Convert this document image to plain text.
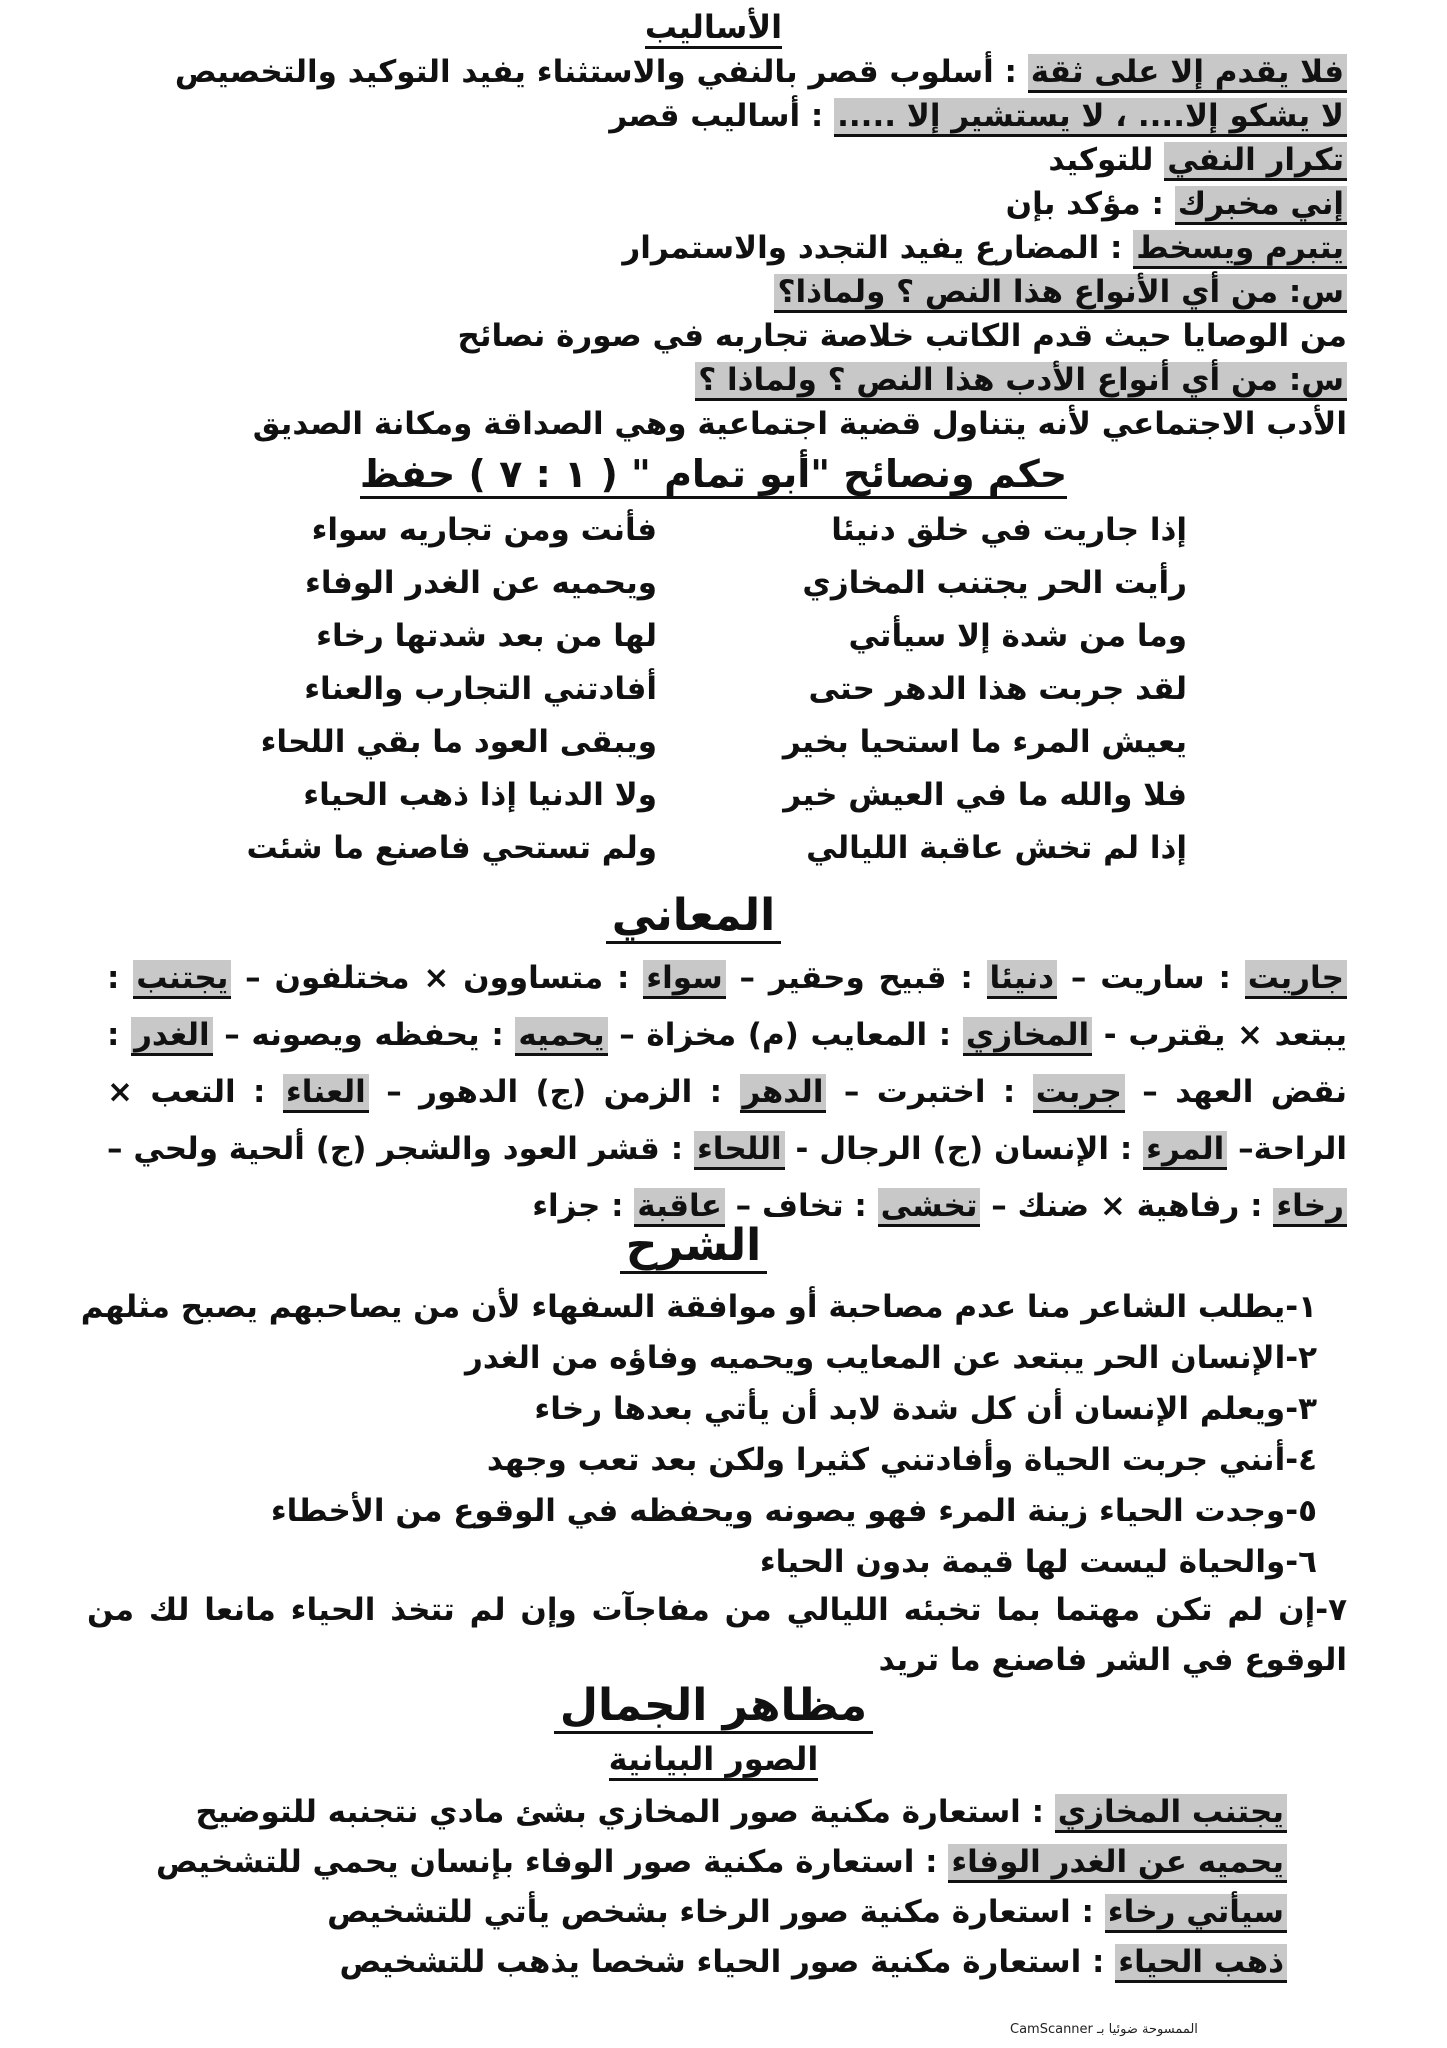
الأساليب
فلا يقدم إلا على ثقة : أسلوب قصر بالنفي والاستثناء يفيد التوكيد والتخصيص
لا يشكو إلا.... ، لا يستشير إلا ..... : أساليب قصر
تكرار النفي للتوكيد
إني مخبرك : مؤكد بإن
يتبرم ويسخط : المضارع يفيد التجدد والاستمرار
س: من أي الأنواع هذا النص ؟ ولماذا؟
من الوصايا حيث قدم الكاتب خلاصة تجاربه في صورة نصائح
س: من أي أنواع الأدب هذا النص ؟ ولماذا ؟
الأدب الاجتماعي لأنه يتناول قضية اجتماعية وهي الصداقة ومكانة الصديق
حكم ونصائح "أبو تمام " ( ١ : ٧ ) حفظ
إذا جاريت في خلق دنيئا
فأنت ومن تجاريه سواء
رأيت الحر يجتنب المخازي
ويحميه عن الغدر الوفاء
وما من شدة إلا سيأتي
لها من بعد شدتها رخاء
لقد جربت هذا الدهر حتى
أفادتني التجارب والعناء
يعيش المرء ما استحيا بخير
ويبقى العود ما بقي اللحاء
فلا والله ما في العيش خير
ولا الدنيا إذا ذهب الحياء
إذا لم تخش عاقبة الليالي
ولم تستحي فاصنع ما شئت
المعاني
جاريت : ساريت – دنيئا : قبيح وحقير – سواء : متساوون × مختلفون – يجتنب : يبتعد × يقترب - المخازي : المعايب (م) مخزاة – يحميه : يحفظه ويصونه – الغدر : نقض العهد – جربت : اختبرت – الدهر : الزمن (ج) الدهور – العناء : التعب × الراحة– المرء : الإنسان (ج) الرجال - اللحاء : قشر العود والشجر (ج) ألحية ولحي – رخاء : رفاهية × ضنك – تخشى : تخاف – عاقبة : جزاء
الشرح
١-يطلب الشاعر منا عدم مصاحبة أو موافقة السفهاء لأن من يصاحبهم يصبح مثلهم
٢-الإنسان الحر يبتعد عن المعايب ويحميه وفاؤه من الغدر
٣-ويعلم الإنسان أن كل شدة لابد أن يأتي بعدها رخاء
٤-أنني جربت الحياة وأفادتني كثيرا ولكن بعد تعب وجهد
٥-وجدت الحياء زينة المرء فهو يصونه ويحفظه في الوقوع من الأخطاء
٦-والحياة ليست لها قيمة بدون الحياء
٧-إن لم تكن مهتما بما تخبئه الليالي من مفاجآت وإن لم تتخذ الحياء مانعا لك من الوقوع في الشر فاصنع ما تريد
مظاهر الجمال
الصور البيانية
يجتنب المخازي : استعارة مكنية صور المخازي بشئ مادي نتجنبه للتوضيح
يحميه عن الغدر الوفاء : استعارة مكنية صور الوفاء بإنسان يحمي للتشخيص
سيأتي رخاء : استعارة مكنية صور الرخاء بشخص يأتي للتشخيص
ذهب الحياء : استعارة مكنية صور الحياء شخصا يذهب للتشخيص
الممسوحة ضوئيا بـ CamScanner
